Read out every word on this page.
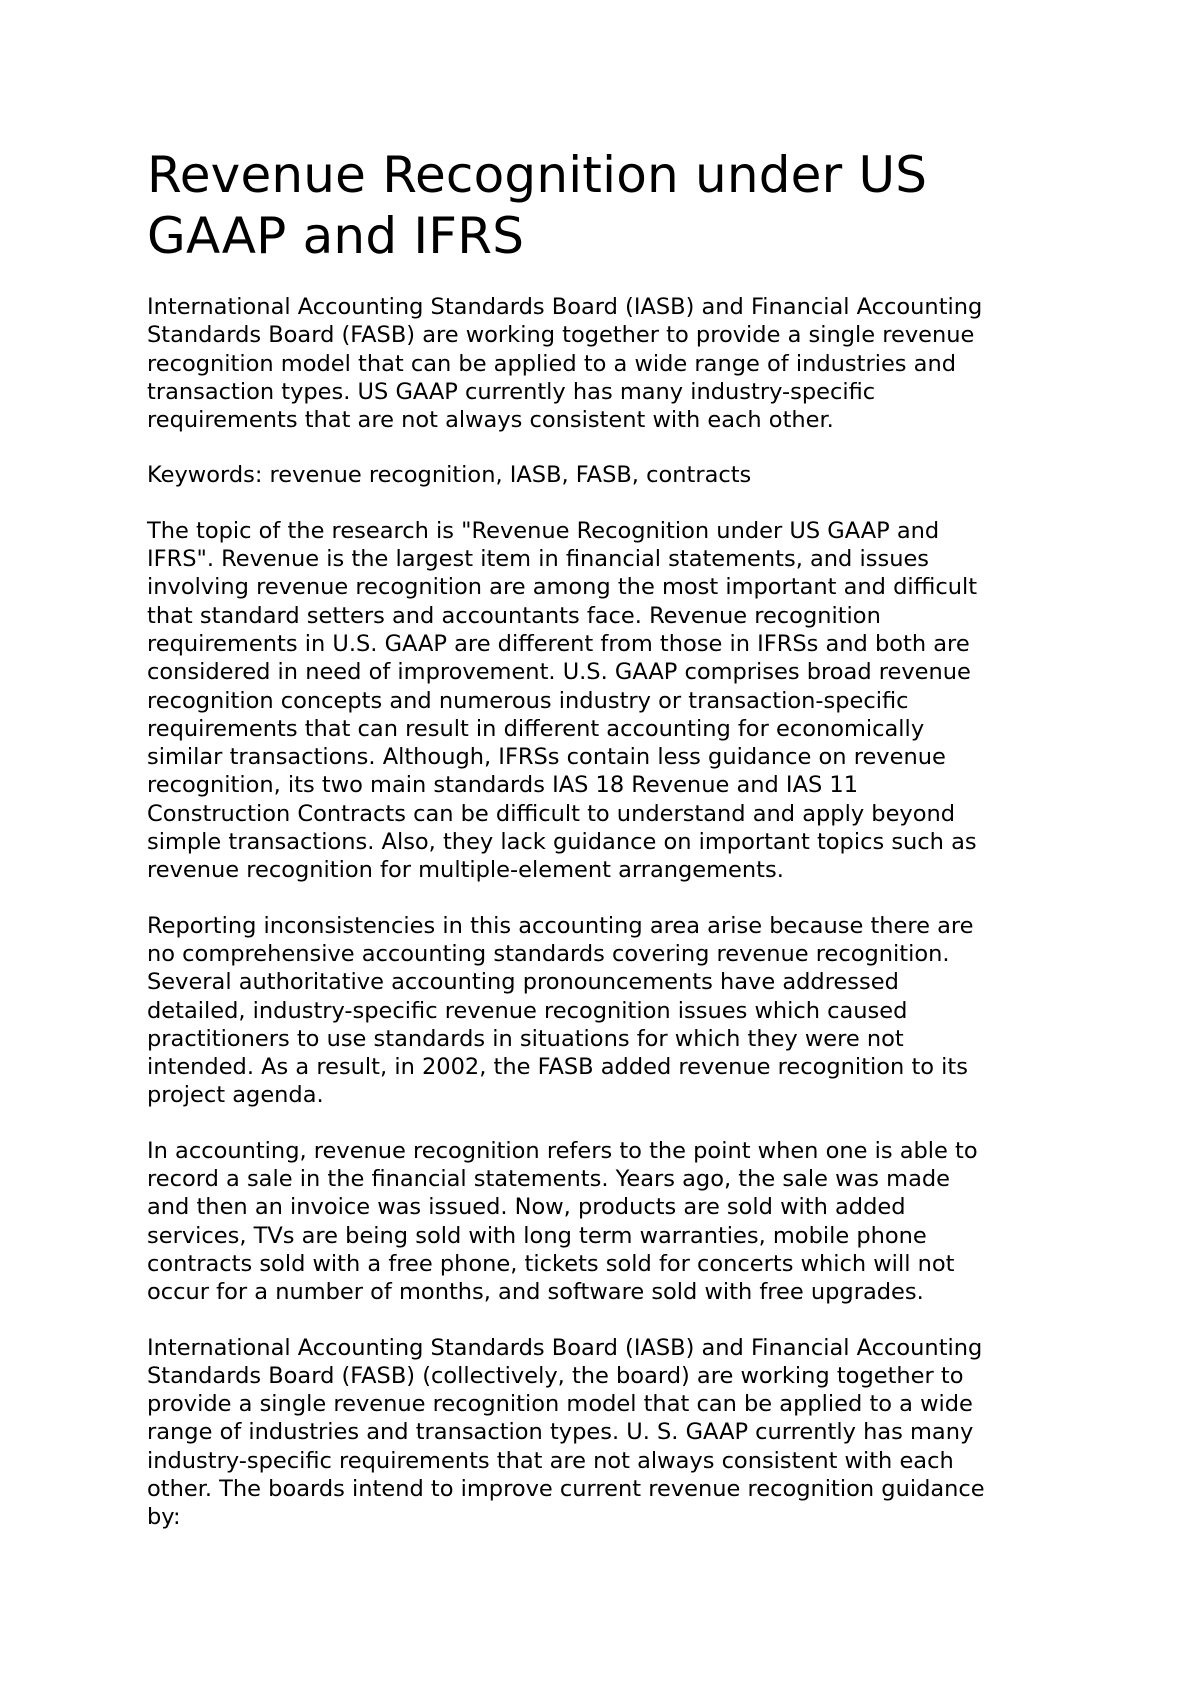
Revenue Recognition under US
GAAP and IFRS

International Accounting Standards Board (IASB) and Financial Accounting
Standards Board (FASB) are working together to provide a single revenue
recognition model that can be applied to a wide range of industries and
transaction types. US GAAP currently has many industry-specific
requirements that are not always consistent with each other.

Keywords: revenue recognition, IASB, FASB, contracts

The topic of the research is "Revenue Recognition under US GAAP and
IFRS". Revenue is the largest item in financial statements, and issues
involving revenue recognition are among the most important and difficult
that standard setters and accountants face. Revenue recognition
requirements in U.S. GAAP are different from those in IFRSs and both are
considered in need of improvement. U.S. GAAP comprises broad revenue
recognition concepts and numerous industry or transaction-specific
requirements that can result in different accounting for economically
similar transactions. Although, IFRSs contain less guidance on revenue
recognition, its two main standards IAS 18 Revenue and IAS 11
Construction Contracts can be difficult to understand and apply beyond
simple transactions. Also, they lack guidance on important topics such as
revenue recognition for multiple-element arrangements.

Reporting inconsistencies in this accounting area arise because there are
no comprehensive accounting standards covering revenue recognition.
Several authoritative accounting pronouncements have addressed
detailed, industry-specific revenue recognition issues which caused
practitioners to use standards in situations for which they were not
intended. As a result, in 2002, the FASB added revenue recognition to its
project agenda.

In accounting, revenue recognition refers to the point when one is able to
record a sale in the financial statements. Years ago, the sale was made
and then an invoice was issued. Now, products are sold with added
services, TVs are being sold with long term warranties, mobile phone
contracts sold with a free phone, tickets sold for concerts which will not
occur for a number of months, and software sold with free upgrades.

International Accounting Standards Board (IASB) and Financial Accounting
Standards Board (FASB) (collectively, the board) are working together to
provide a single revenue recognition model that can be applied to a wide
range of industries and transaction types. U. S. GAAP currently has many
industry-specific requirements that are not always consistent with each
other. The boards intend to improve current revenue recognition guidance
by:
